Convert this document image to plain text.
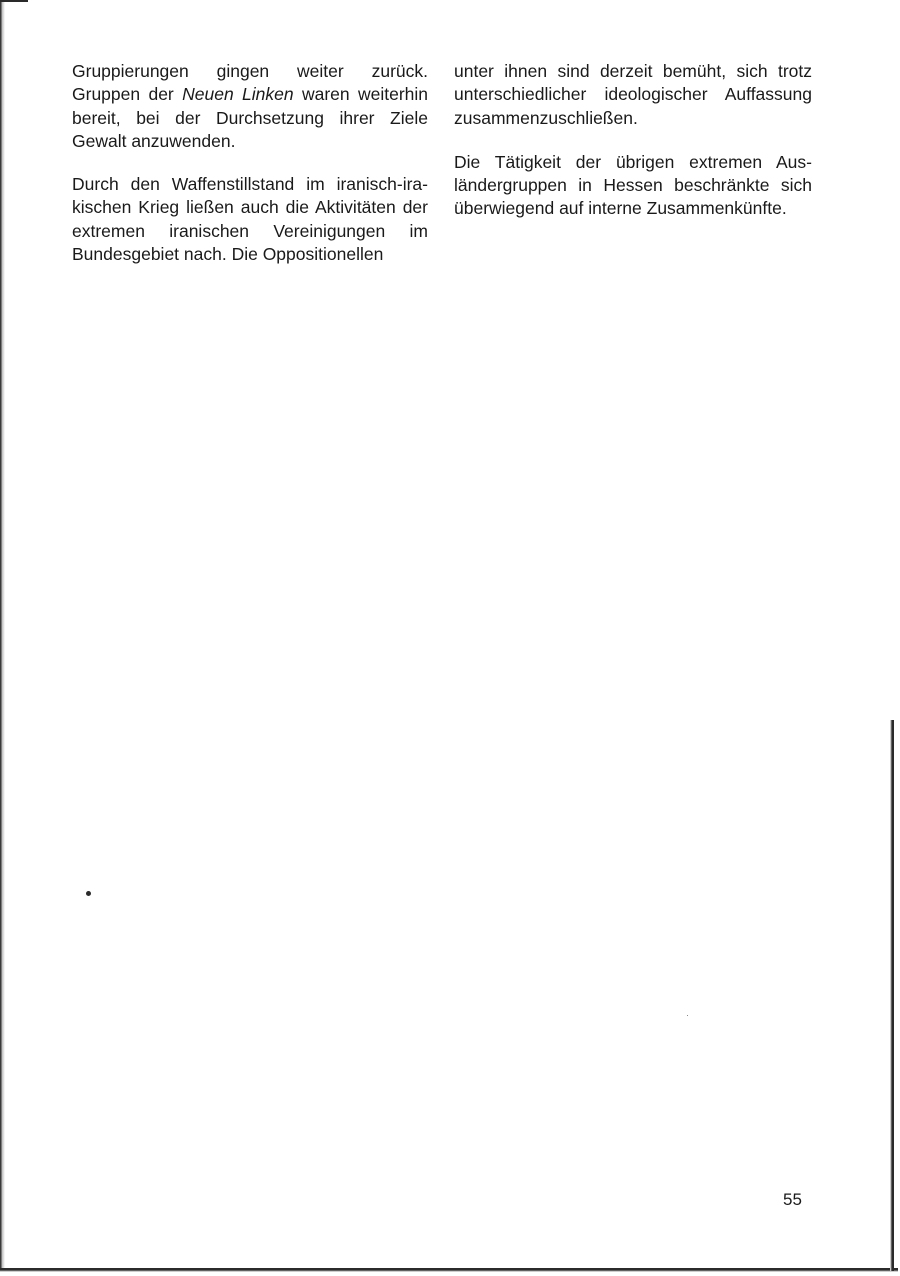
Gruppierungen gingen weiter zurück. Gruppen der Neuen Linken waren weiterhin bereit, bei der Durchsetzung ihrer Ziele Gewalt anzuwenden.

Durch den Waffenstillstand im iranisch-irakischen Krieg ließen auch die Aktivitäten der extremen iranischen Vereinigungen im Bundesgebiet nach. Die Oppositionellen

unter ihnen sind derzeit bemüht, sich trotz unterschiedlicher ideologischer Auffassung zusammenzuschließen.

Die Tätigkeit der übrigen extremen Ausländergruppen in Hessen beschränkte sich überwiegend auf interne Zusammenkünfte.

55
